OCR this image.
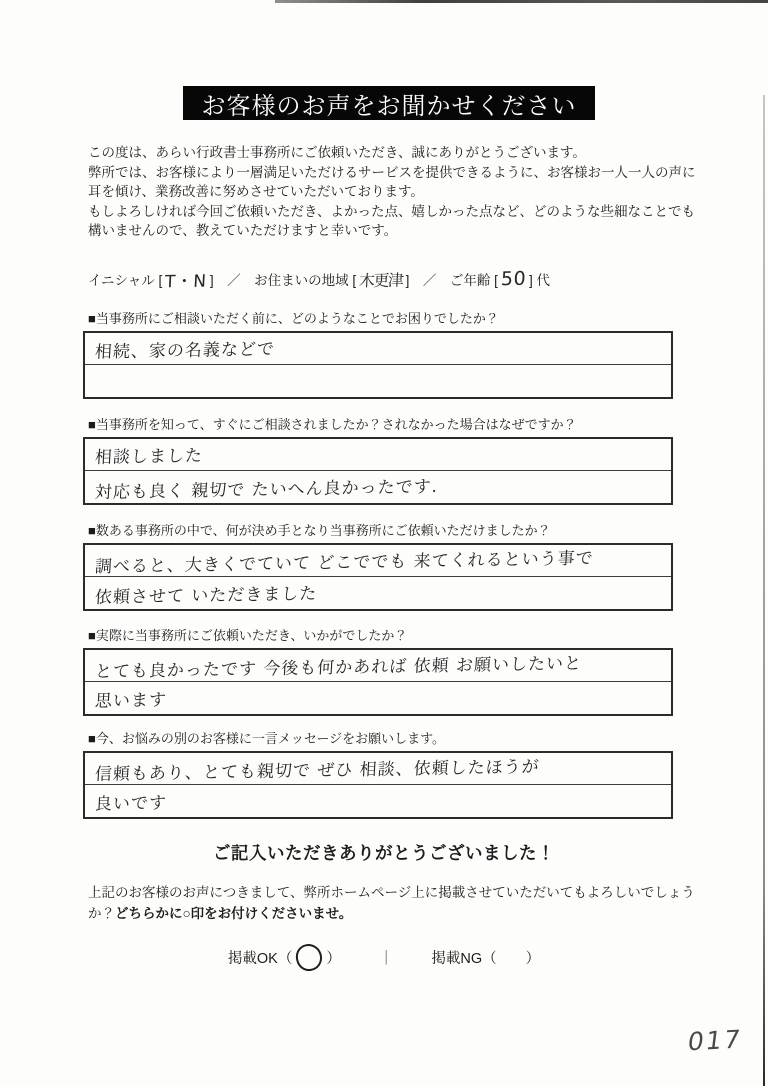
お客様のお声をお聞かせください

この度は、あらい行政書士事務所にご依頼いただき、誠にありがとうございます。

弊所では、お客様により一層満足いただけるサービスを提供できるように、お客様お一人一人の声に耳を傾け、業務改善に努めさせていただいております。

もしよろしければ今回ご依頼いただき、よかった点、嬉しかった点など、どのような些細なことでも構いませんので、教えていただけますと幸いです。

イニシャル [ T・N ]　／　お住まいの地域 [ 木更津 ]　／　ご年齢 [ 50 ] 代
■当事務所にご相談いただく前に、どのようなことでお困りでしたか？
相続、家の名義などで
■当事務所を知って、すぐにご相談されましたか？されなかった場合はなぜですか？
相談しました
対応も良く 親切で たいへん良かったです.
■数ある事務所の中で、何が決め手となり当事務所にご依頼いただけましたか？
調べると、大きくでていて どこででも 来てくれるという事で
依頼させて いただきました
■実際に当事務所にご依頼いただき、いかがでしたか？
とても良かったです 今後も何かあれば 依頼 お願いしたいと
思います
■今、お悩みの別のお客様に一言メッセージをお願いします。
信頼もあり、とても親切で ぜひ 相談、依頼したほうが
良いです
ご記入いただきありがとうございました！
上記のお客様のお声につきまして、弊所ホームページ上に掲載させていただいてもよろしいでしょうか？どちらかに○印をお付けくださいませ。
掲載OK（ ）	｜	掲載NG（　　）
017
